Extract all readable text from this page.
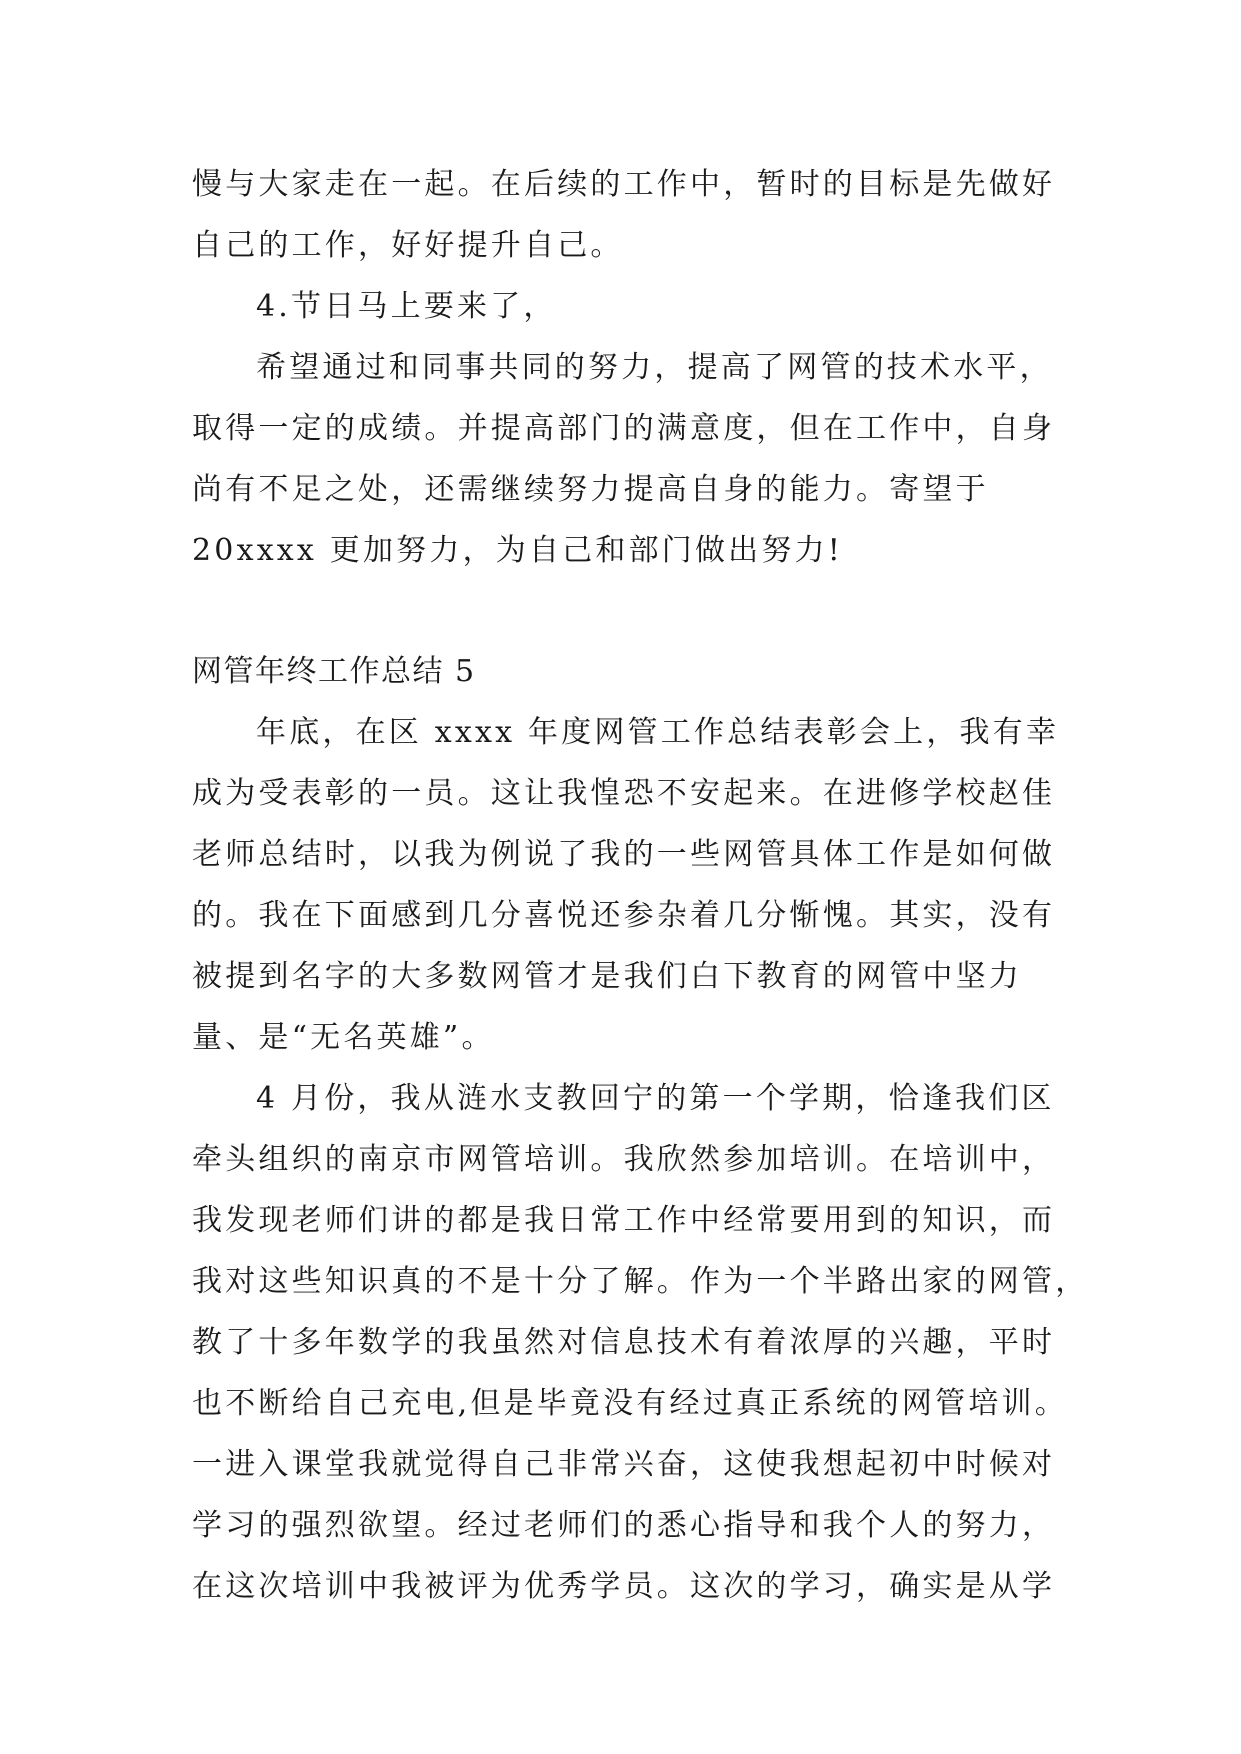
慢与大家走在一起。在后续的工作中，暂时的目标是先做好
自己的工作，好好提升自己。
4.节日马上要来了，
希望通过和同事共同的努力，提高了网管的技术水平，
取得一定的成绩。并提高部门的满意度，但在工作中，自身
尚有不足之处，还需继续努力提高自身的能力。寄望于
20xxxx 更加努力，为自己和部门做出努力!
网管年终工作总结 5
年底，在区 xxxx 年度网管工作总结表彰会上，我有幸
成为受表彰的一员。这让我惶恐不安起来。在进修学校赵佳
老师总结时，以我为例说了我的一些网管具体工作是如何做
的。我在下面感到几分喜悦还参杂着几分惭愧。其实，没有
被提到名字的大多数网管才是我们白下教育的网管中坚力
量、是“无名英雄”。
4 月份，我从涟水支教回宁的第一个学期，恰逢我们区
牵头组织的南京市网管培训。我欣然参加培训。在培训中，
我发现老师们讲的都是我日常工作中经常要用到的知识，而
我对这些知识真的不是十分了解。作为一个半路出家的网管，
教了十多年数学的我虽然对信息技术有着浓厚的兴趣，平时
也不断给自己充电,但是毕竟没有经过真正系统的网管培训。
一进入课堂我就觉得自己非常兴奋，这使我想起初中时候对
学习的强烈欲望。经过老师们的悉心指导和我个人的努力，
在这次培训中我被评为优秀学员。这次的学习，确实是从学
